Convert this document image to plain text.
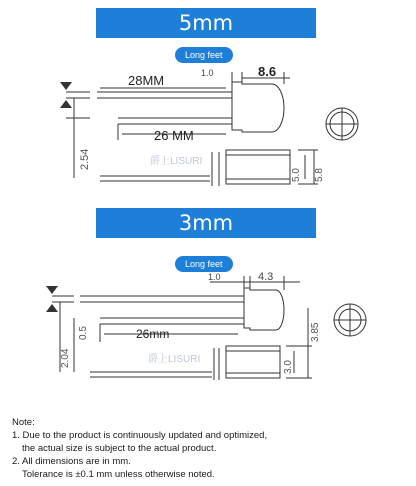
5mm
Long feet
28MM	1.0	8.6
26 MM
2.54
5.0 5.8
爵上LISURI
3mm
Long feet
1.0	4.3
26mm
2.04
0.5
3.0
3.85
爵上LISURI
Note:
1. Due to the product is continuously updated and optimized,
the actual size is subject to the actual product.
2. All dimensions are in mm.
Tolerance is ±0.1 mm unless otherwise noted.
